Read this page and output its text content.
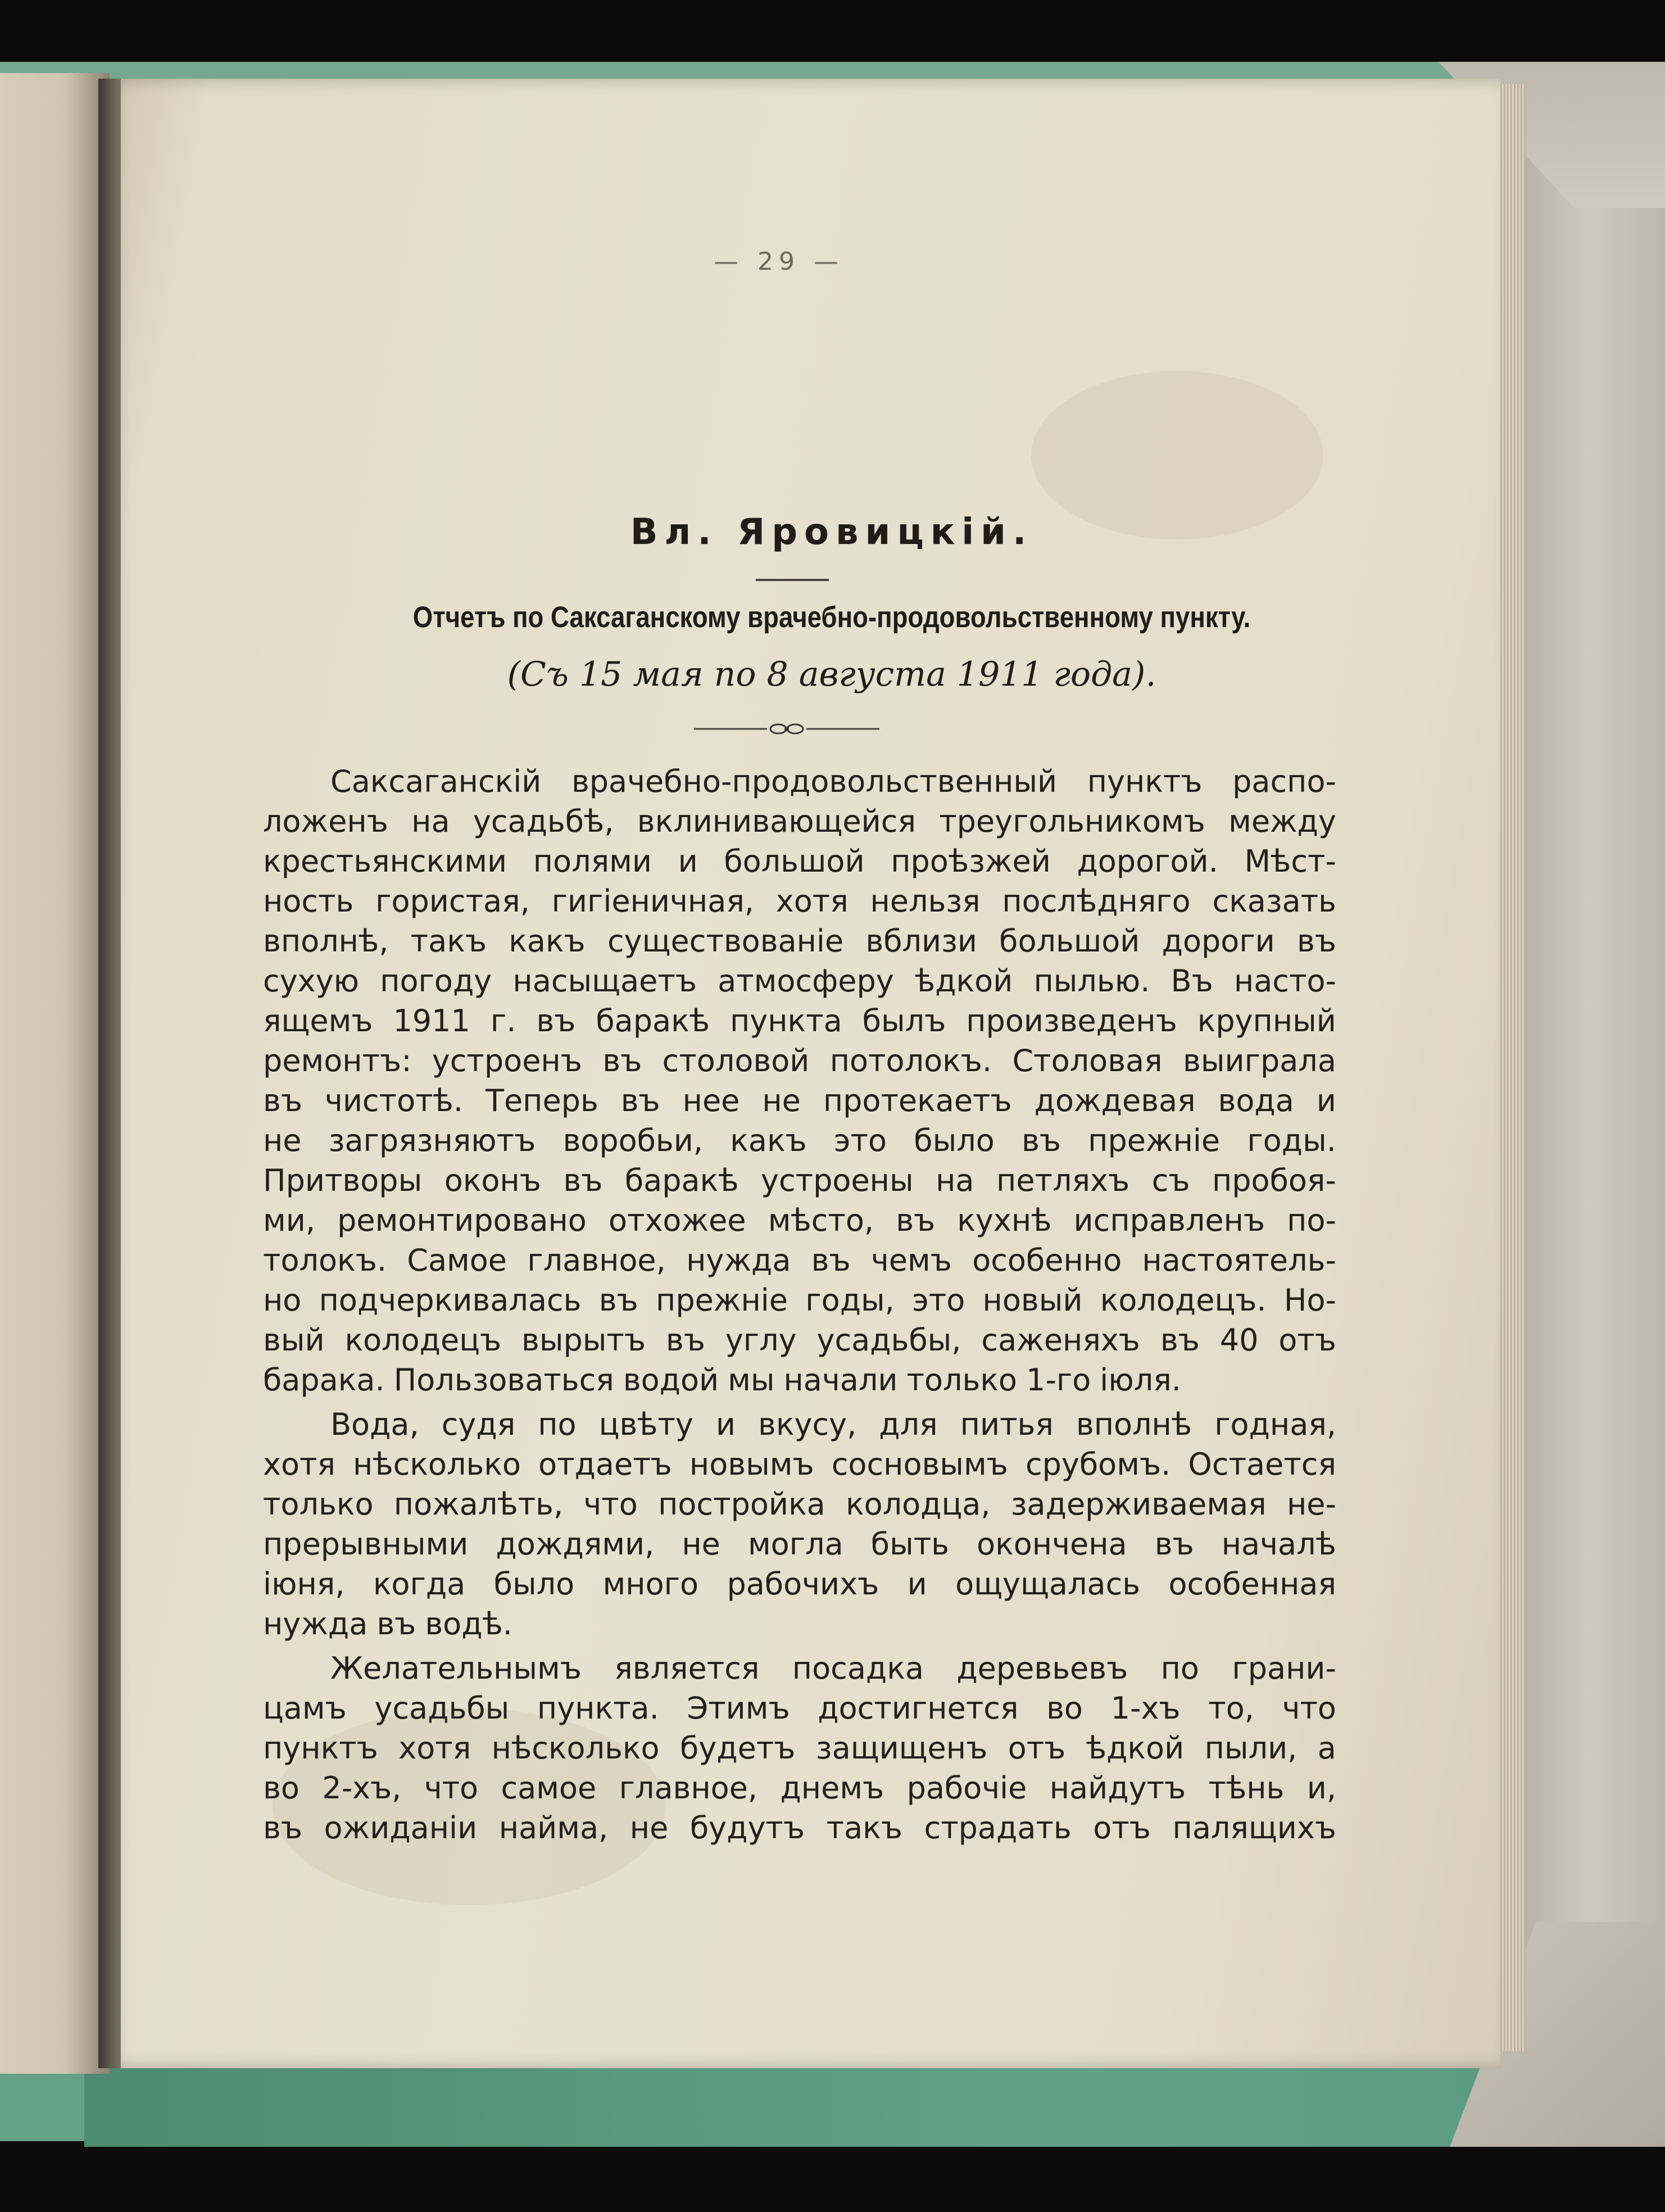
— 29 —
Вл. Яровицкій.
Отчетъ по Саксаганскому врачебно-продовольственному пункту.
(Съ 15 мая по 8 августа 1911 года).
Саксаганскій врачебно-продовольственный пунктъ распо-
ложенъ на усадьбѣ, вклинивающейся треугольникомъ между
крестьянскими полями и большой проѣзжей дорогой. Мѣст-
ность гористая, гигіеничная, хотя нельзя послѣдняго сказать
вполнѣ, такъ какъ существованіе вблизи большой дороги въ
сухую погоду насыщаетъ атмосферу ѣдкой пылью. Въ насто-
ящемъ 1911 г. въ баракѣ пункта былъ произведенъ крупный
ремонтъ: устроенъ въ столовой потолокъ. Столовая выиграла
въ чистотѣ. Теперь въ нее не протекаетъ дождевая вода и
не загрязняютъ воробьи, какъ это было въ прежніе годы.
Притворы оконъ въ баракѣ устроены на петляхъ съ пробоя-
ми, ремонтировано отхожее мѣсто, въ кухнѣ исправленъ по-
толокъ. Самое главное, нужда въ чемъ особенно настоятель-
но подчеркивалась въ прежніе годы, это новый колодецъ. Но-
вый колодецъ вырытъ въ углу усадьбы, саженяхъ въ 40 отъ
барака. Пользоваться водой мы начали только 1-го іюля.
Вода, судя по цвѣту и вкусу, для питья вполнѣ годная,
хотя нѣсколько отдаетъ новымъ сосновымъ срубомъ. Остается
только пожалѣть, что постройка колодца, задерживаемая не-
прерывными дождями, не могла быть окончена въ началѣ
іюня, когда было много рабочихъ и ощущалась особенная
нужда въ водѣ.
Желательнымъ является посадка деревьевъ по грани-
цамъ усадьбы пункта. Этимъ достигнется во 1-хъ то, что
пунктъ хотя нѣсколько будетъ защищенъ отъ ѣдкой пыли, а
во 2-хъ, что самое главное, днемъ рабочіе найдутъ тѣнь и,
въ ожиданіи найма, не будутъ такъ страдать отъ палящихъ
